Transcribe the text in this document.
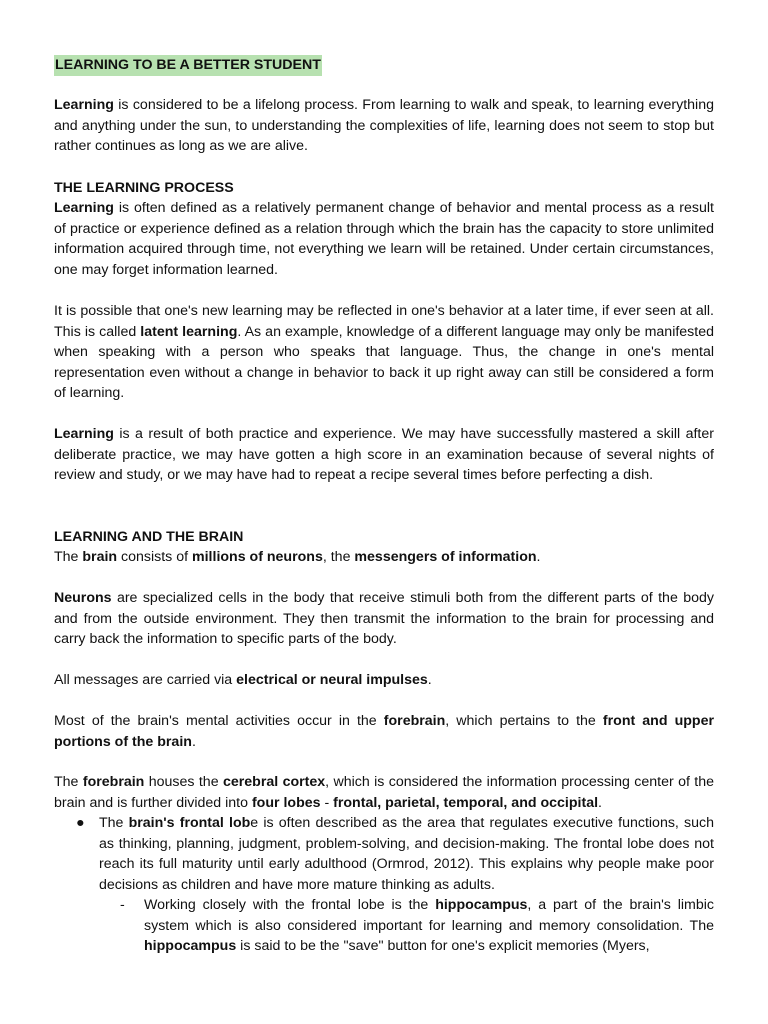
LEARNING TO BE A BETTER STUDENT

Learning is considered to be a lifelong process. From learning to walk and speak, to learning everything and anything under the sun, to understanding the complexities of life, learning does not seem to stop but rather continues as long as we are alive.

THE LEARNING PROCESS

Learning is often defined as a relatively permanent change of behavior and mental process as a result of practice or experience defined as a relation through which the brain has the capacity to store unlimited information acquired through time, not everything we learn will be retained. Under certain circumstances, one may forget information learned.

It is possible that one's new learning may be reflected in one's behavior at a later time, if ever seen at all. This is called latent learning. As an example, knowledge of a different language may only be manifested when speaking with a person who speaks that language. Thus, the change in one's mental representation even without a change in behavior to back it up right away can still be considered a form of learning.

Learning is a result of both practice and experience. We may have successfully mastered a skill after deliberate practice, we may have gotten a high score in an examination because of several nights of review and study, or we may have had to repeat a recipe several times before perfecting a dish.

LEARNING AND THE BRAIN

The brain consists of millions of neurons, the messengers of information.

Neurons are specialized cells in the body that receive stimuli both from the different parts of the body and from the outside environment. They then transmit the information to the brain for processing and carry back the information to specific parts of the body.

All messages are carried via electrical or neural impulses.

Most of the brain's mental activities occur in the forebrain, which pertains to the front and upper portions of the brain.

The forebrain houses the cerebral cortex, which is considered the information processing center of the brain and is further divided into four lobes - frontal, parietal, temporal, and occipital.

●	The brain's frontal lobe is often described as the area that regulates executive functions, such as thinking, planning, judgment, problem-solving, and decision-making. The frontal lobe does not reach its full maturity until early adulthood (Ormrod, 2012). This explains why people make poor decisions as children and have more mature thinking as adults.

- Working closely with the frontal lobe is the hippocampus, a part of the brain's limbic system which is also considered important for learning and memory consolidation. The hippocampus is said to be the "save" button for one's explicit memories (Myers,
